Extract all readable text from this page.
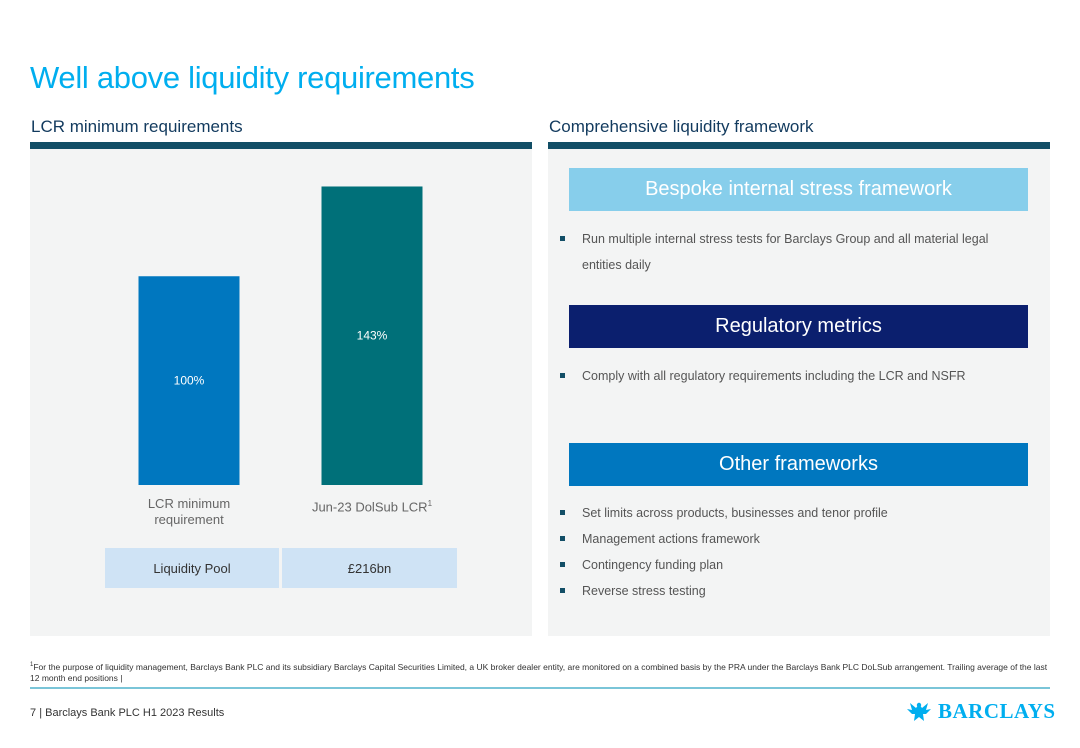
Well above liquidity requirements
LCR minimum requirements
100%
143%
LCR minimum requirement
Jun-23 DolSub LCR$^1$
Liquidity Pool	£216bn
Comprehensive liquidity framework
Bespoke internal stress framework
Run multiple internal stress tests for Barclays Group and all material legal entities daily
Regulatory metrics
Comply with all regulatory requirements including the LCR and NSFR
Other frameworks
Set limits across products, businesses and tenor profile
Management actions framework
Contingency funding plan
Reverse stress testing
$^1$For the purpose of liquidity management, Barclays Bank PLC and its subsidiary Barclays Capital Securities Limited, a UK broker dealer entity, are monitored on a combined basis by the PRA under the Barclays Bank PLC DoLSub arrangement. Trailing average of the last 12 month end positions |
7 | Barclays Bank PLC H1 2023 Results	BARCLAYS
